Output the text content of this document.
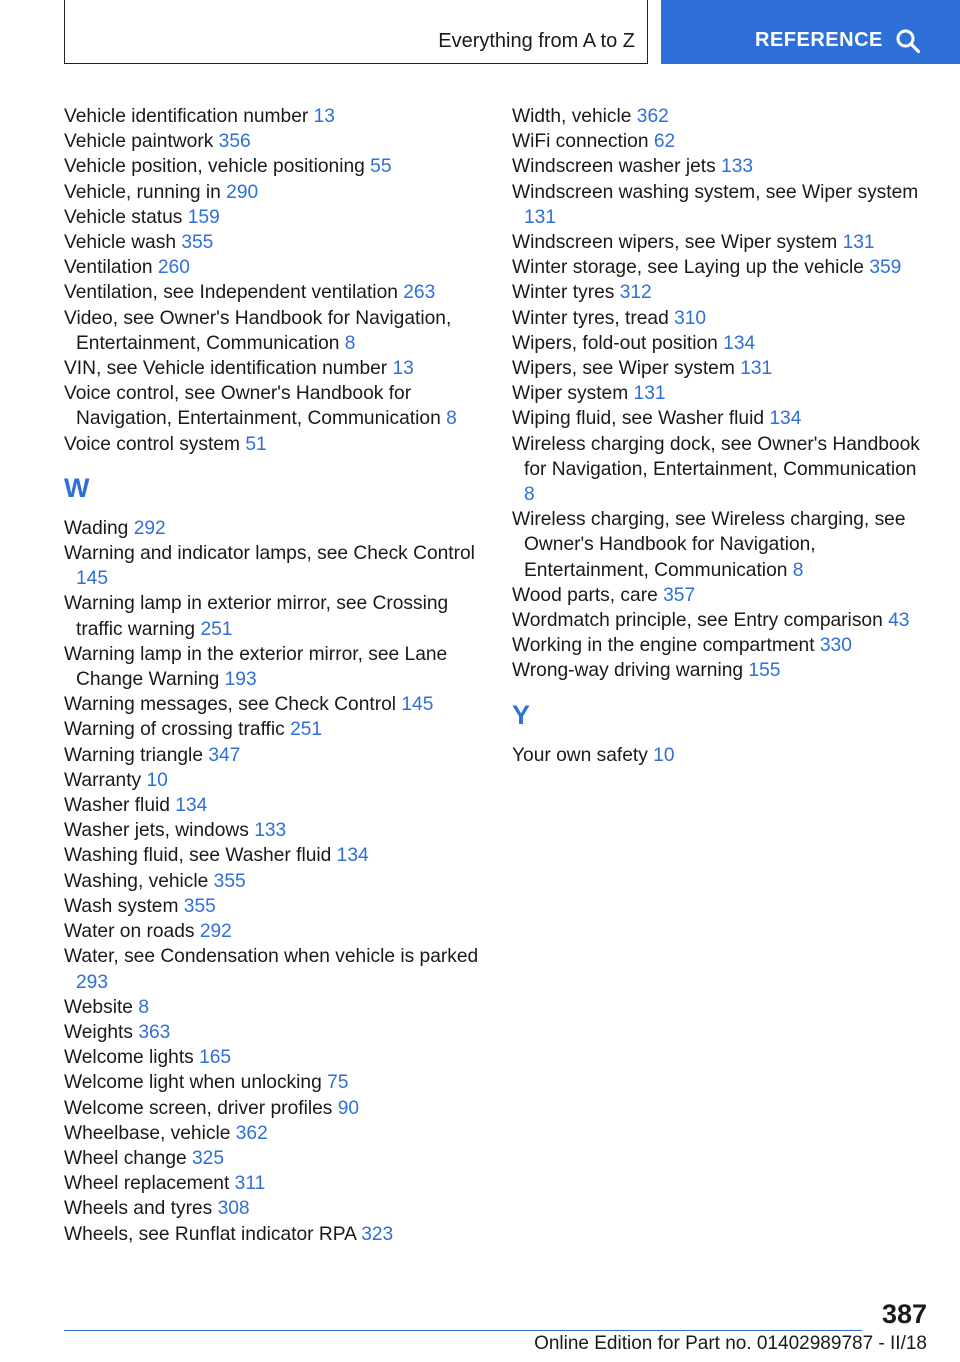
Everything from A to Z	REFERENCE
Vehicle identification number 13
Vehicle paintwork 356
Vehicle position, vehicle positioning 55
Vehicle, running in 290
Vehicle status 159
Vehicle wash 355
Ventilation 260
Ventilation, see Independent ventilation 263
Video, see Owner's Handbook for Navigation, Entertainment, Communication 8
VIN, see Vehicle identification number 13
Voice control, see Owner's Handbook for Navigation, Entertainment, Communication 8
Voice control system 51
W
Wading 292
Warning and indicator lamps, see Check Control 145
Warning lamp in exterior mirror, see Crossing traffic warning 251
Warning lamp in the exterior mirror, see Lane Change Warning 193
Warning messages, see Check Control 145
Warning of crossing traffic 251
Warning triangle 347
Warranty 10
Washer fluid 134
Washer jets, windows 133
Washing fluid, see Washer fluid 134
Washing, vehicle 355
Wash system 355
Water on roads 292
Water, see Condensation when vehicle is parked 293
Website 8
Weights 363
Welcome lights 165
Welcome light when unlocking 75
Welcome screen, driver profiles 90
Wheelbase, vehicle 362
Wheel change 325
Wheel replacement 311
Wheels and tyres 308
Wheels, see Runflat indicator RPA 323
Width, vehicle 362
WiFi connection 62
Windscreen washer jets 133
Windscreen washing system, see Wiper system 131
Windscreen wipers, see Wiper system 131
Winter storage, see Laying up the vehicle 359
Winter tyres 312
Winter tyres, tread 310
Wipers, fold-out position 134
Wipers, see Wiper system 131
Wiper system 131
Wiping fluid, see Washer fluid 134
Wireless charging dock, see Owner's Handbook for Navigation, Entertainment, Communication 8
Wireless charging, see Wireless charging, see Owner's Handbook for Navigation, Entertainment, Communication 8
Wood parts, care 357
Wordmatch principle, see Entry comparison 43
Working in the engine compartment 330
Wrong-way driving warning 155
Y
Your own safety 10
387
Online Edition for Part no. 01402989787 - II/18
